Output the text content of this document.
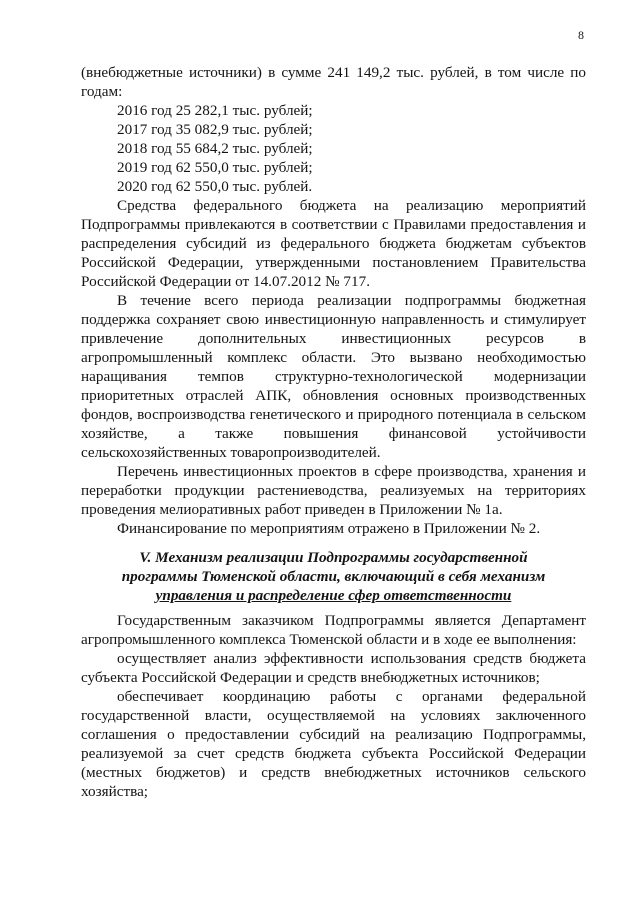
8

(внебюджетные источники) в сумме 241 149,2 тыс. рублей, в том числе по годам:

2016 год 25 282,1 тыс. рублей;

2017 год 35 082,9 тыс. рублей;

2018 год 55 684,2 тыс. рублей;

2019 год 62 550,0 тыс. рублей;

2020 год 62 550,0 тыс. рублей.

Средства федерального бюджета на реализацию мероприятий Подпрограммы привлекаются в соответствии с Правилами предоставления и распределения субсидий из федерального бюджета бюджетам субъектов Российской Федерации, утвержденными постановлением Правительства Российской Федерации от 14.07.2012 № 717.

В течение всего периода реализации подпрограммы бюджетная поддержка сохраняет свою инвестиционную направленность и стимулирует привлечение дополнительных инвестиционных ресурсов в агропромышленный комплекс области. Это вызвано необходимостью наращивания темпов структурно-технологической модернизации приоритетных отраслей АПК, обновления основных производственных фондов, воспроизводства генетического и природного потенциала в сельском хозяйстве, а также повышения финансовой устойчивости сельскохозяйственных товаропроизводителей.

Перечень инвестиционных проектов в сфере производства, хранения и переработки продукции растениеводства, реализуемых на территориях проведения мелиоративных работ приведен в Приложении № 1а.

Финансирование по мероприятиям отражено в Приложении № 2.

V. Механизм реализации Подпрограммы государственной
программы Тюменской области, включающий в себя механизм
управления и распределение сфер ответственности

Государственным заказчиком Подпрограммы является Департамент агропромышленного комплекса Тюменской области и в ходе ее выполнения:

осуществляет анализ эффективности использования средств бюджета субъекта Российской Федерации и средств внебюджетных источников;

обеспечивает координацию работы с органами федеральной государственной власти, осуществляемой на условиях заключенного соглашения о предоставлении субсидий на реализацию Подпрограммы, реализуемой за счет средств бюджета субъекта Российской Федерации (местных бюджетов) и средств внебюджетных источников сельского хозяйства;
